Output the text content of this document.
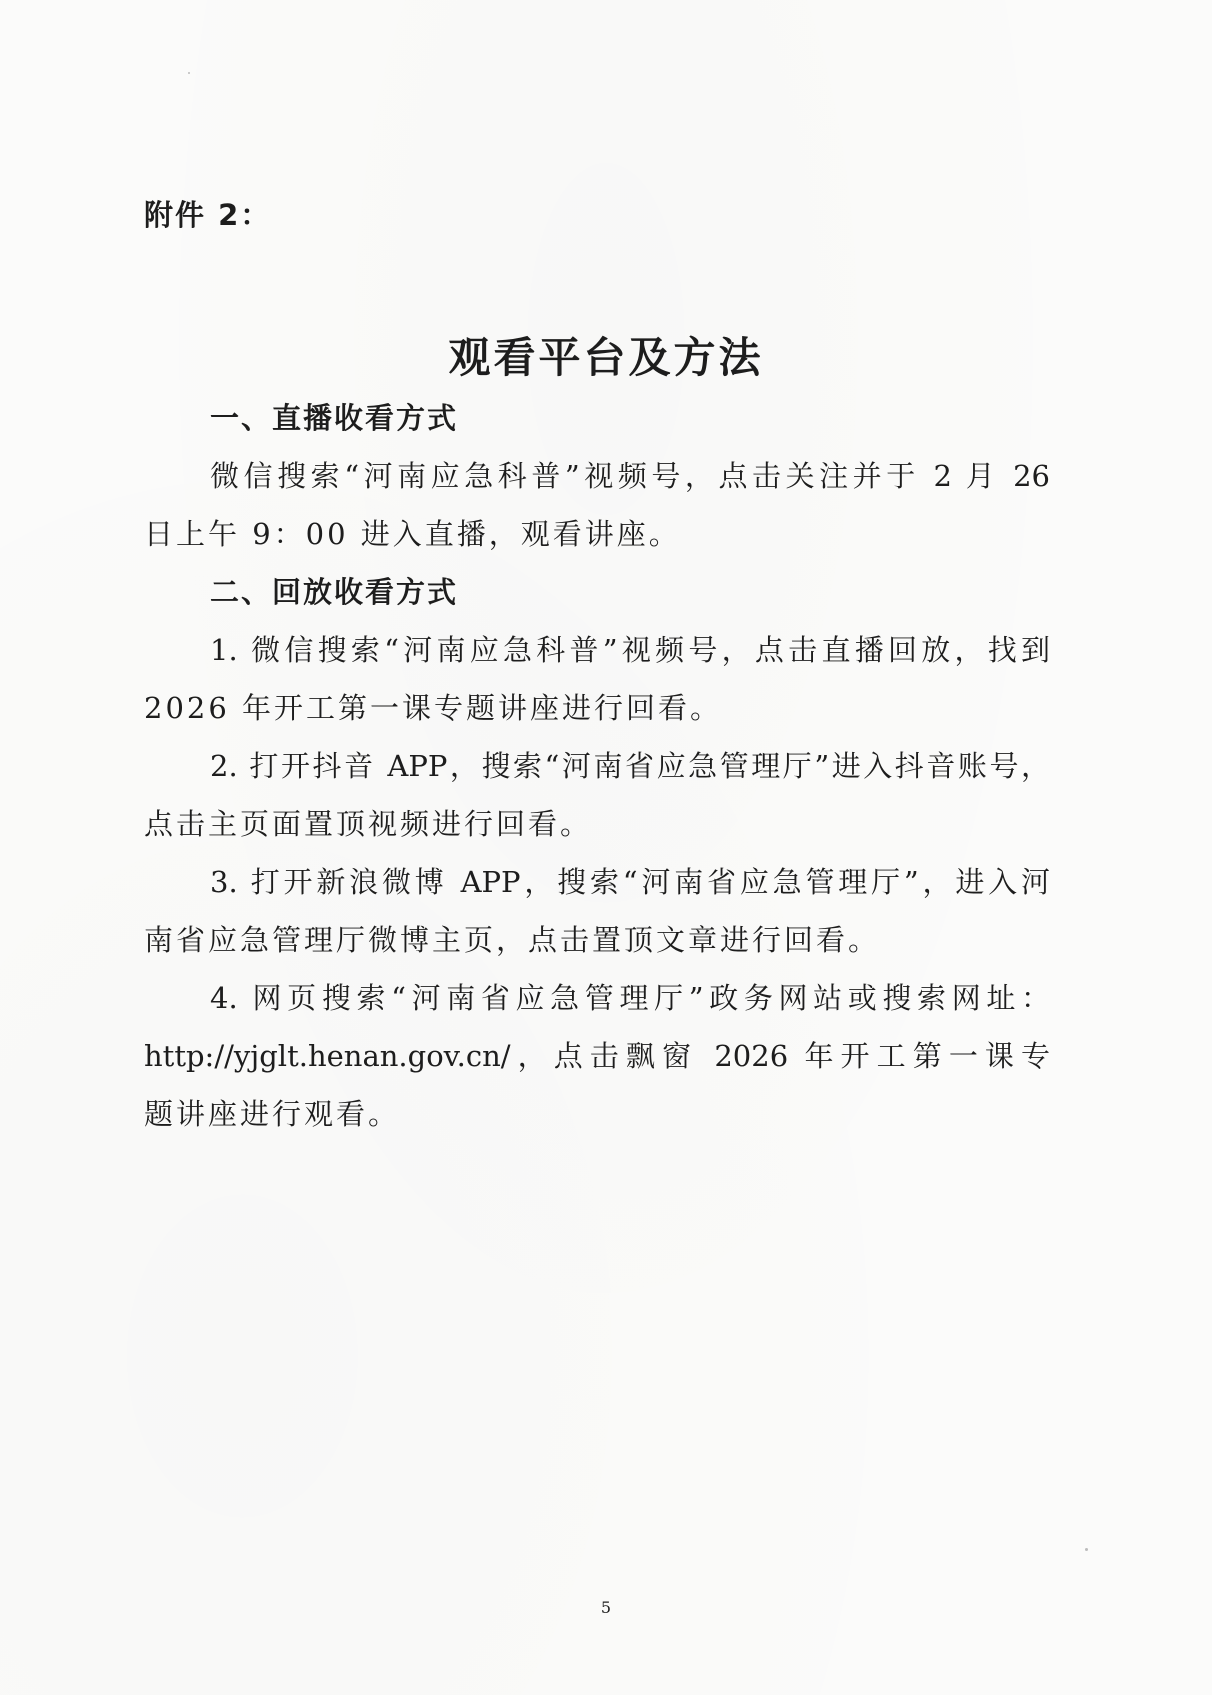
附件 2：
观看平台及方法
一、直播收看方式
微信搜索“河南应急科普”视频号，点击关注并于 2 月 26
日上午 9：00 进入直播，观看讲座。
二、回放收看方式
1. 微信搜索“河南应急科普”视频号，点击直播回放，找到
2026 年开工第一课专题讲座进行回看。
2. 打开抖音 APP，搜索“河南省应急管理厅”进入抖音账号，
点击主页面置顶视频进行回看。
3. 打开新浪微博 APP，搜索“河南省应急管理厅”，进入河
南省应急管理厅微博主页，点击置顶文章进行回看。
4. 网页搜索“河南省应急管理厅”政务网站或搜索网址：
http://yjglt.henan.gov.cn/，点击飘窗 2026 年开工第一课专
题讲座进行观看。
5
